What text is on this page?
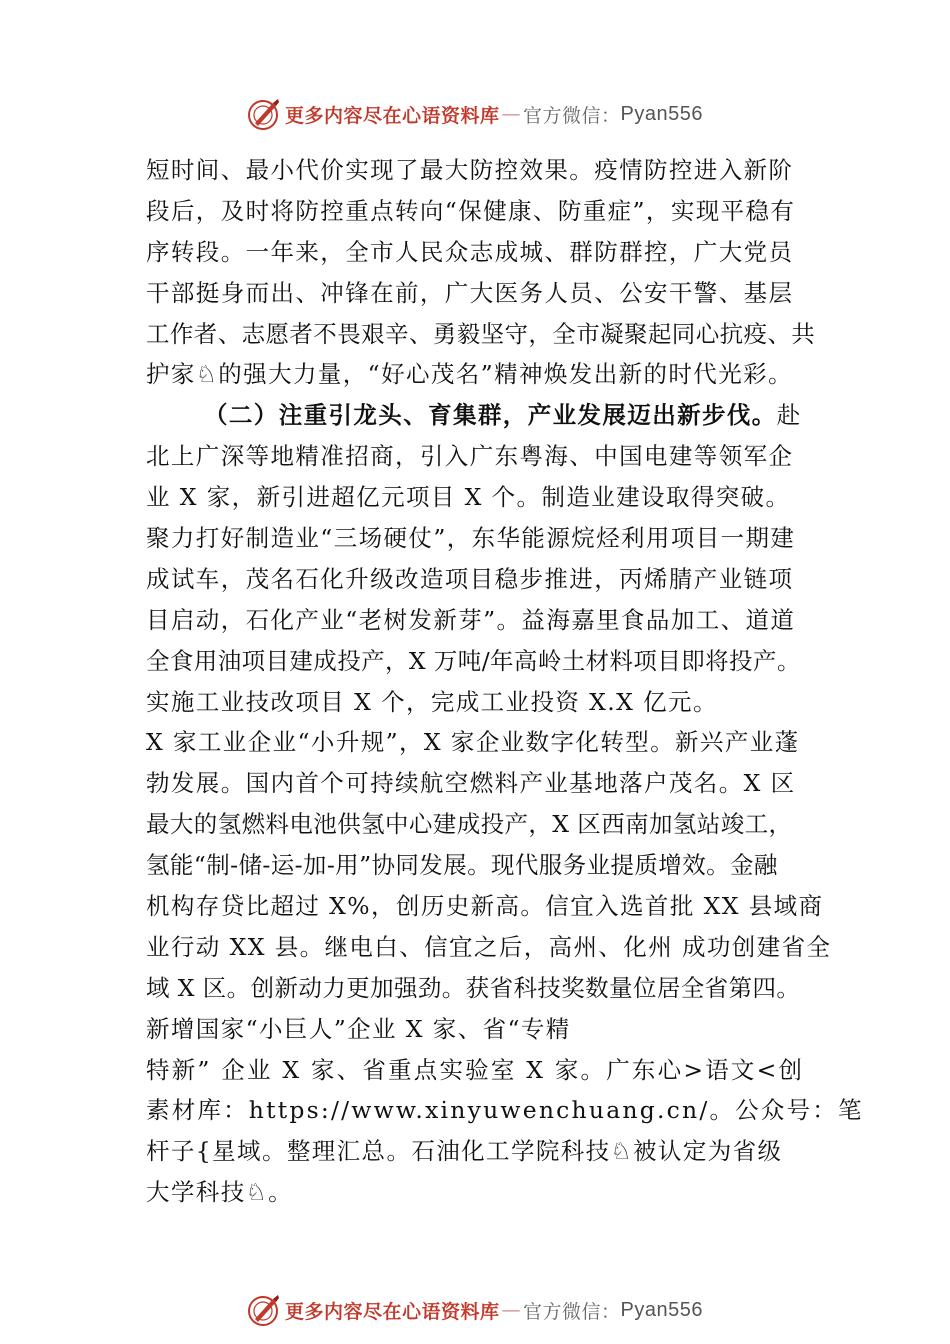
更多内容尽在心语资料库 — 官方微信： Pyan556
短时间、最小代价实现了最大防控效果。疫情防控进入新阶
段后，及时将防控重点转向“保健康、防重症”，实现平稳有
序转段。一年来，全市人民众志成城、群防群控，广大党员
干部挺身而出、冲锋在前，广大医务人员、公安干警、基层
工作者、志愿者不畏艰辛、勇毅坚守，全市凝聚起同心抗疫、共
护家♘的强大力量，“好心茂名”精神焕发出新的时代光彩。
（二）注重引龙头、育集群，产业发展迈出新步伐。赴
北上广深等地精准招商，引入广东粤海、中国电建等领军企
业 X 家，新引进超亿元项目 X 个。制造业建设取得突破。
聚力打好制造业“三场硬仗”，东华能源烷烃利用项目一期建
成试车，茂名石化升级改造项目稳步推进，丙烯腈产业链项
目启动，石化产业“老树发新芽”。益海嘉里食品加工、道道
全食用油项目建成投产，X 万吨/年高岭土材料项目即将投产。
实施工业技改项目 X 个，完成工业投资 X.X 亿元。
X 家工业企业“小升规”，X 家企业数字化转型。新兴产业蓬
勃发展。国内首个可持续航空燃料产业基地落户茂名。X 区
最大的氢燃料电池供氢中心建成投产，X 区西南加氢站竣工，
氢能“制-储-运-加-用”协同发展。现代服务业提质增效。金融
机构存贷比超过 X%，创历史新高。信宜入选首批 XX 县域商
业行动 XX 县。继电白、信宜之后，高州、化州 成功创建省全
域 X 区。创新动力更加强劲。获省科技奖数量位居全省第四。
新增国家“小巨人”企业 X 家、省“专精
特新” 企业 X 家、省重点实验室 X 家。广东心>语文<创
素材库：https://www.xinyuwenchuang.cn/。公众号：笔
杆子{星域。整理汇总。石油化工学院科技♘被认定为省级
大学科技♘。
更多内容尽在心语资料库 — 官方微信： Pyan556
